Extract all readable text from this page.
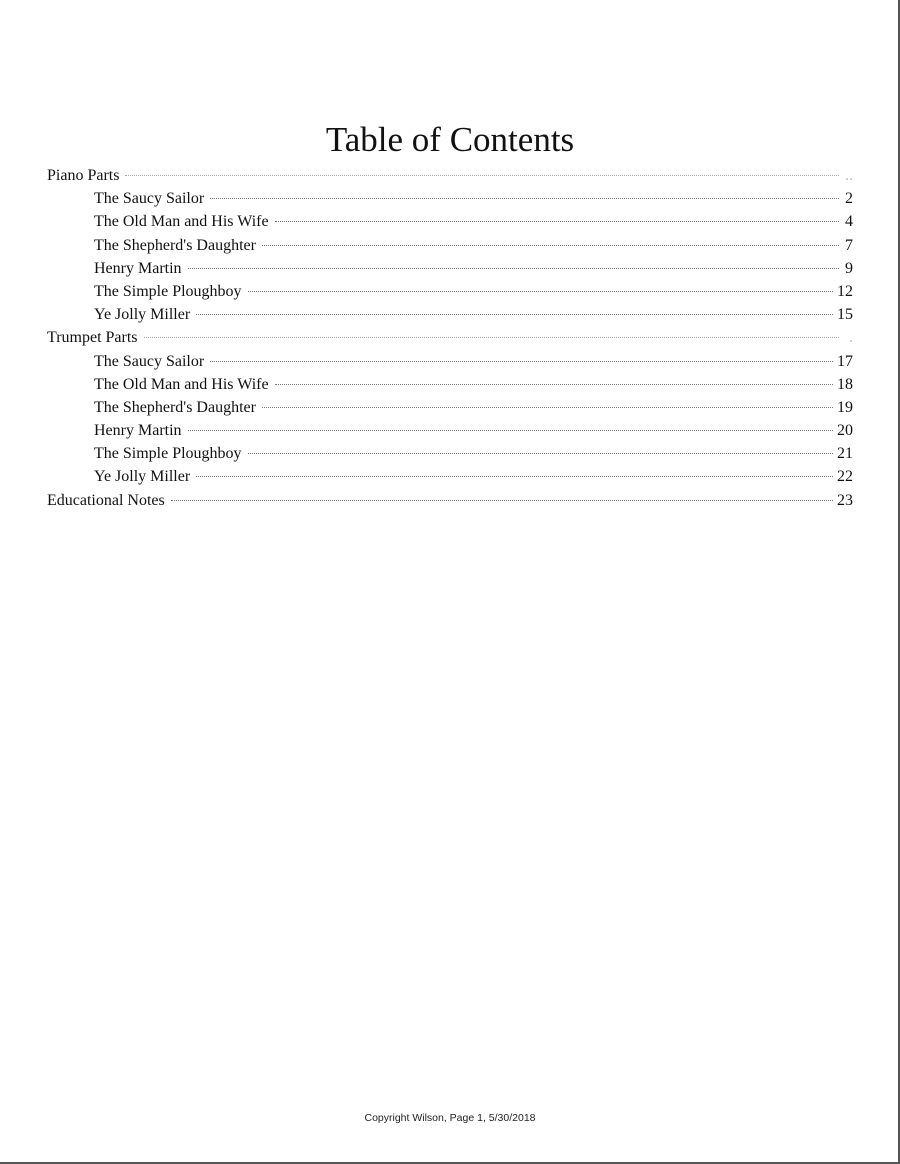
Table of Contents
Piano Parts	..
The Saucy Sailor	2
The Old Man and His Wife	4
The Shepherd's Daughter	7
Henry Martin	9
The Simple Ploughboy	12
Ye Jolly Miller	15
Trumpet Parts	.
The Saucy Sailor	17
The Old Man and His Wife	18
The Shepherd's Daughter	19
Henry Martin	20
The Simple Ploughboy	21
Ye Jolly Miller	22
Educational Notes	23
Copyright Wilson, Page 1, 5/30/2018
